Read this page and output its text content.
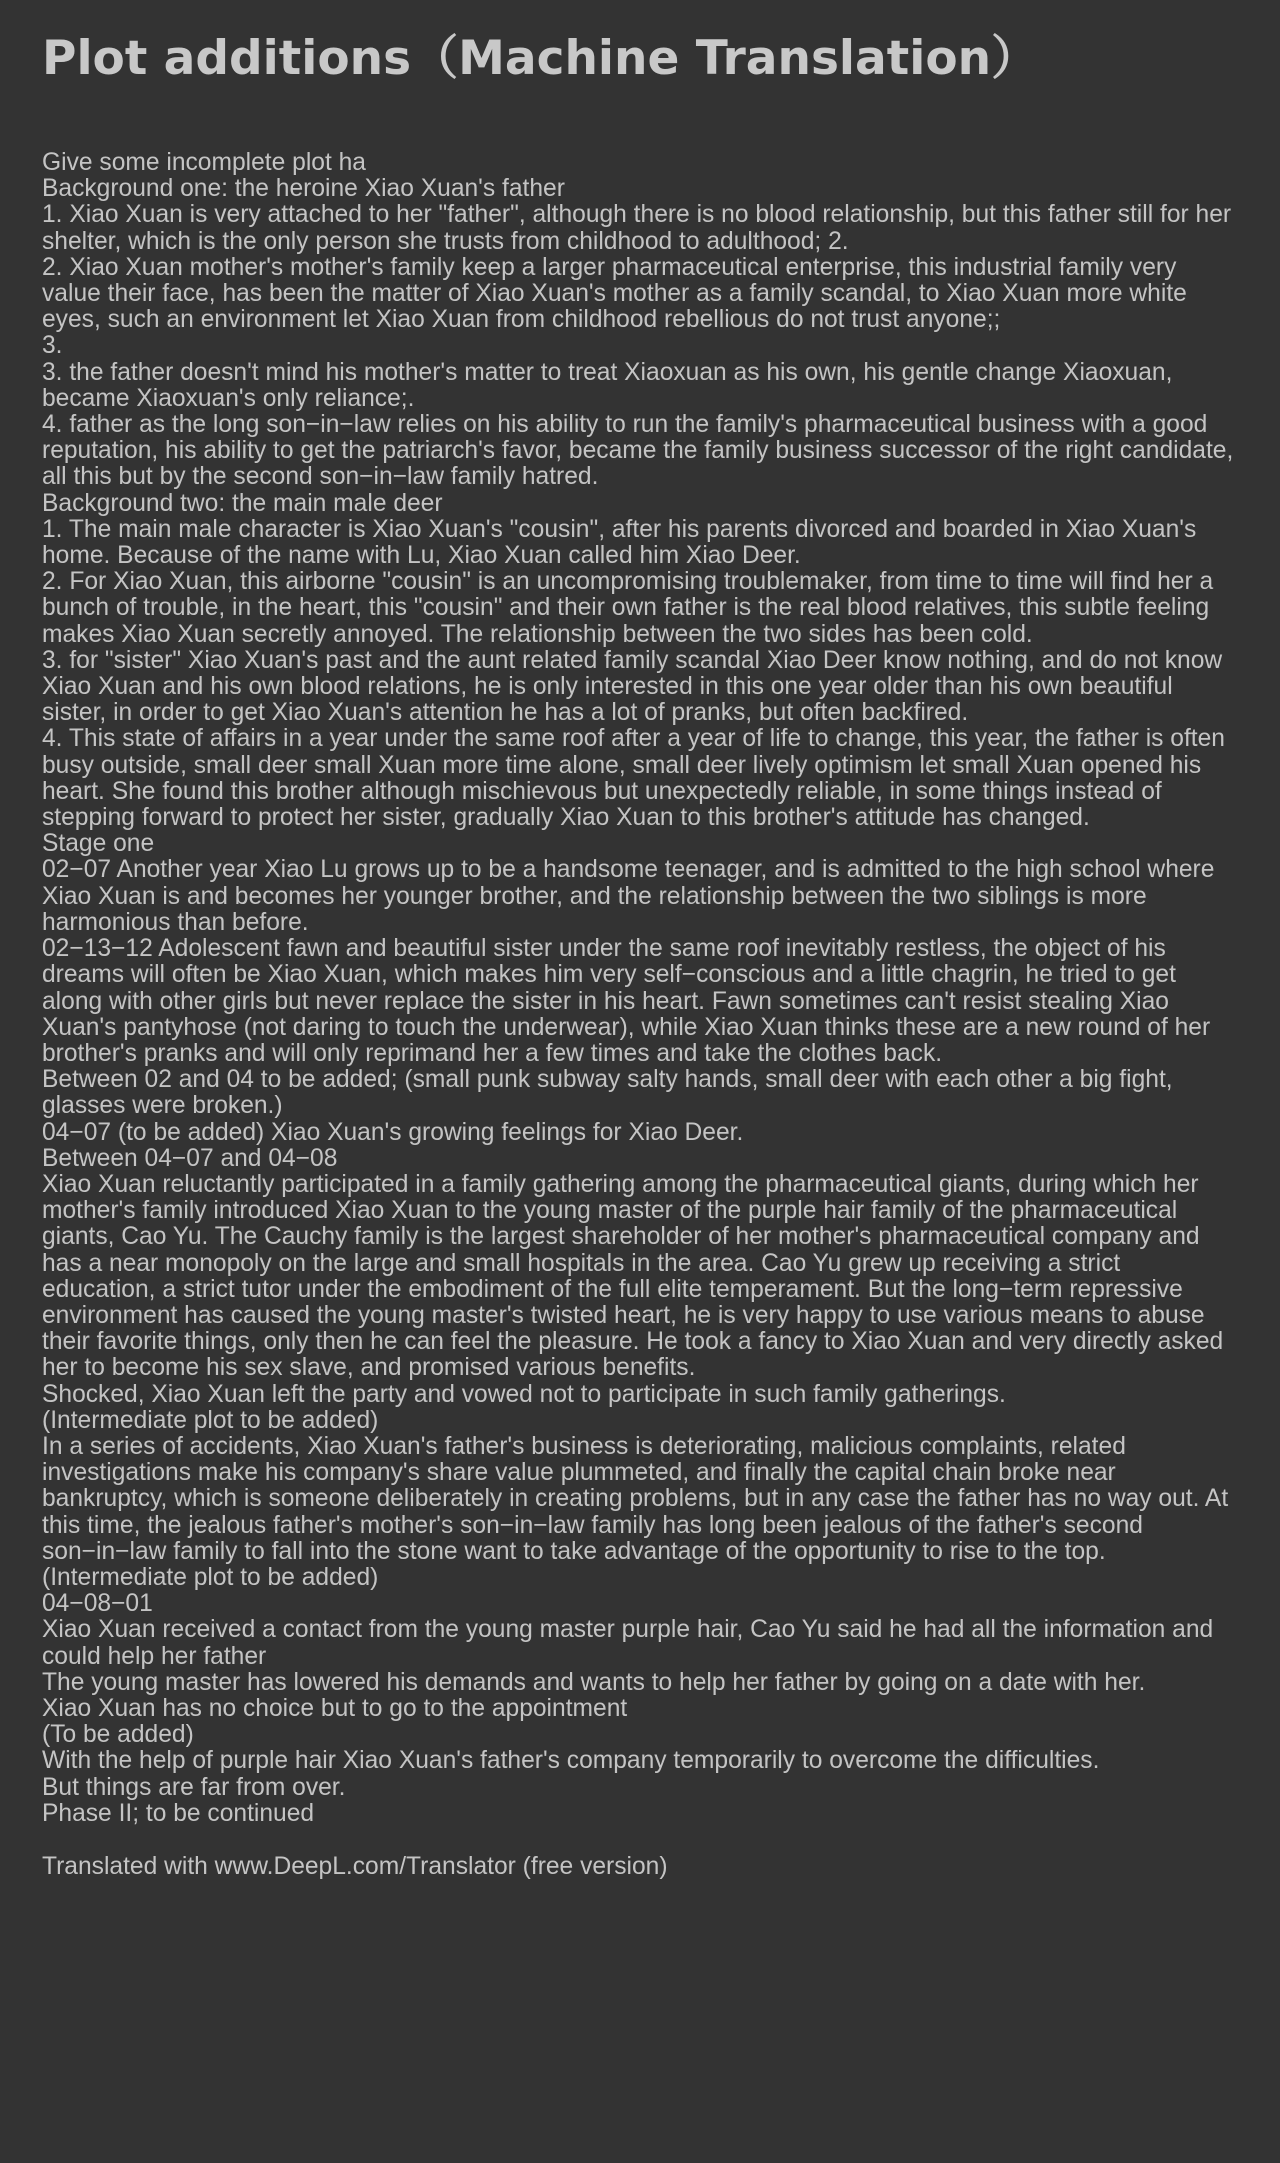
Plot additions（Machine Translation）
Give some incomplete plot ha
Background one: the heroine Xiao Xuan's father
1. Xiao Xuan is very attached to her "father", although there is no blood relationship, but this father still for her shelter, which is the only person she trusts from childhood to adulthood; 2.
2. Xiao Xuan mother's mother's family keep a larger pharmaceutical enterprise, this industrial family very value their face, has been the matter of Xiao Xuan's mother as a family scandal, to Xiao Xuan more white eyes, such an environment let Xiao Xuan from childhood rebellious do not trust anyone;;
3.
3. the father doesn't mind his mother's matter to treat Xiaoxuan as his own, his gentle change Xiaoxuan, became Xiaoxuan's only reliance;.
4. father as the long son−in−law relies on his ability to run the family's pharmaceutical business with a good reputation, his ability to get the patriarch's favor, became the family business successor of the right candidate, all this but by the second son−in−law family hatred.
Background two: the main male deer
1. The main male character is Xiao Xuan's "cousin", after his parents divorced and boarded in Xiao Xuan's home. Because of the name with Lu, Xiao Xuan called him Xiao Deer.
2. For Xiao Xuan, this airborne "cousin" is an uncompromising troublemaker, from time to time will find her a bunch of trouble, in the heart, this "cousin" and their own father is the real blood relatives, this subtle feeling makes Xiao Xuan secretly annoyed. The relationship between the two sides has been cold.
3. for "sister" Xiao Xuan's past and the aunt related family scandal Xiao Deer know nothing, and do not know Xiao Xuan and his own blood relations, he is only interested in this one year older than his own beautiful sister, in order to get Xiao Xuan's attention he has a lot of pranks, but often backfired.
4. This state of affairs in a year under the same roof after a year of life to change, this year, the father is often busy outside, small deer small Xuan more time alone, small deer lively optimism let small Xuan opened his heart. She found this brother although mischievous but unexpectedly reliable, in some things instead of stepping forward to protect her sister, gradually Xiao Xuan to this brother's attitude has changed.
Stage one
02−07 Another year Xiao Lu grows up to be a handsome teenager, and is admitted to the high school where Xiao Xuan is and becomes her younger brother, and the relationship between the two siblings is more harmonious than before.
02−13−12 Adolescent fawn and beautiful sister under the same roof inevitably restless, the object of his dreams will often be Xiao Xuan, which makes him very self−conscious and a little chagrin, he tried to get along with other girls but never replace the sister in his heart. Fawn sometimes can't resist stealing Xiao Xuan's pantyhose (not daring to touch the underwear), while Xiao Xuan thinks these are a new round of her brother's pranks and will only reprimand her a few times and take the clothes back.
Between 02 and 04 to be added; (small punk subway salty hands, small deer with each other a big fight, glasses were broken.)
04−07 (to be added) Xiao Xuan's growing feelings for Xiao Deer.
Between 04−07 and 04−08
Xiao Xuan reluctantly participated in a family gathering among the pharmaceutical giants, during which her mother's family introduced Xiao Xuan to the young master of the purple hair family of the pharmaceutical giants, Cao Yu. The Cauchy family is the largest shareholder of her mother's pharmaceutical company and has a near monopoly on the large and small hospitals in the area. Cao Yu grew up receiving a strict education, a strict tutor under the embodiment of the full elite temperament. But the long−term repressive environment has caused the young master's twisted heart, he is very happy to use various means to abuse their favorite things, only then he can feel the pleasure. He took a fancy to Xiao Xuan and very directly asked her to become his sex slave, and promised various benefits.
Shocked, Xiao Xuan left the party and vowed not to participate in such family gatherings.
(Intermediate plot to be added)
In a series of accidents, Xiao Xuan's father's business is deteriorating, malicious complaints, related investigations make his company's share value plummeted, and finally the capital chain broke near bankruptcy, which is someone deliberately in creating problems, but in any case the father has no way out. At this time, the jealous father's mother's son−in−law family has long been jealous of the father's second son−in−law family to fall into the stone want to take advantage of the opportunity to rise to the top.
(Intermediate plot to be added)
04−08−01
Xiao Xuan received a contact from the young master purple hair, Cao Yu said he had all the information and could help her father
The young master has lowered his demands and wants to help her father by going on a date with her.
Xiao Xuan has no choice but to go to the appointment
(To be added)
With the help of purple hair Xiao Xuan's father's company temporarily to overcome the difficulties.
But things are far from over.
Phase II; to be continued
Translated with www.DeepL.com/Translator (free version)
